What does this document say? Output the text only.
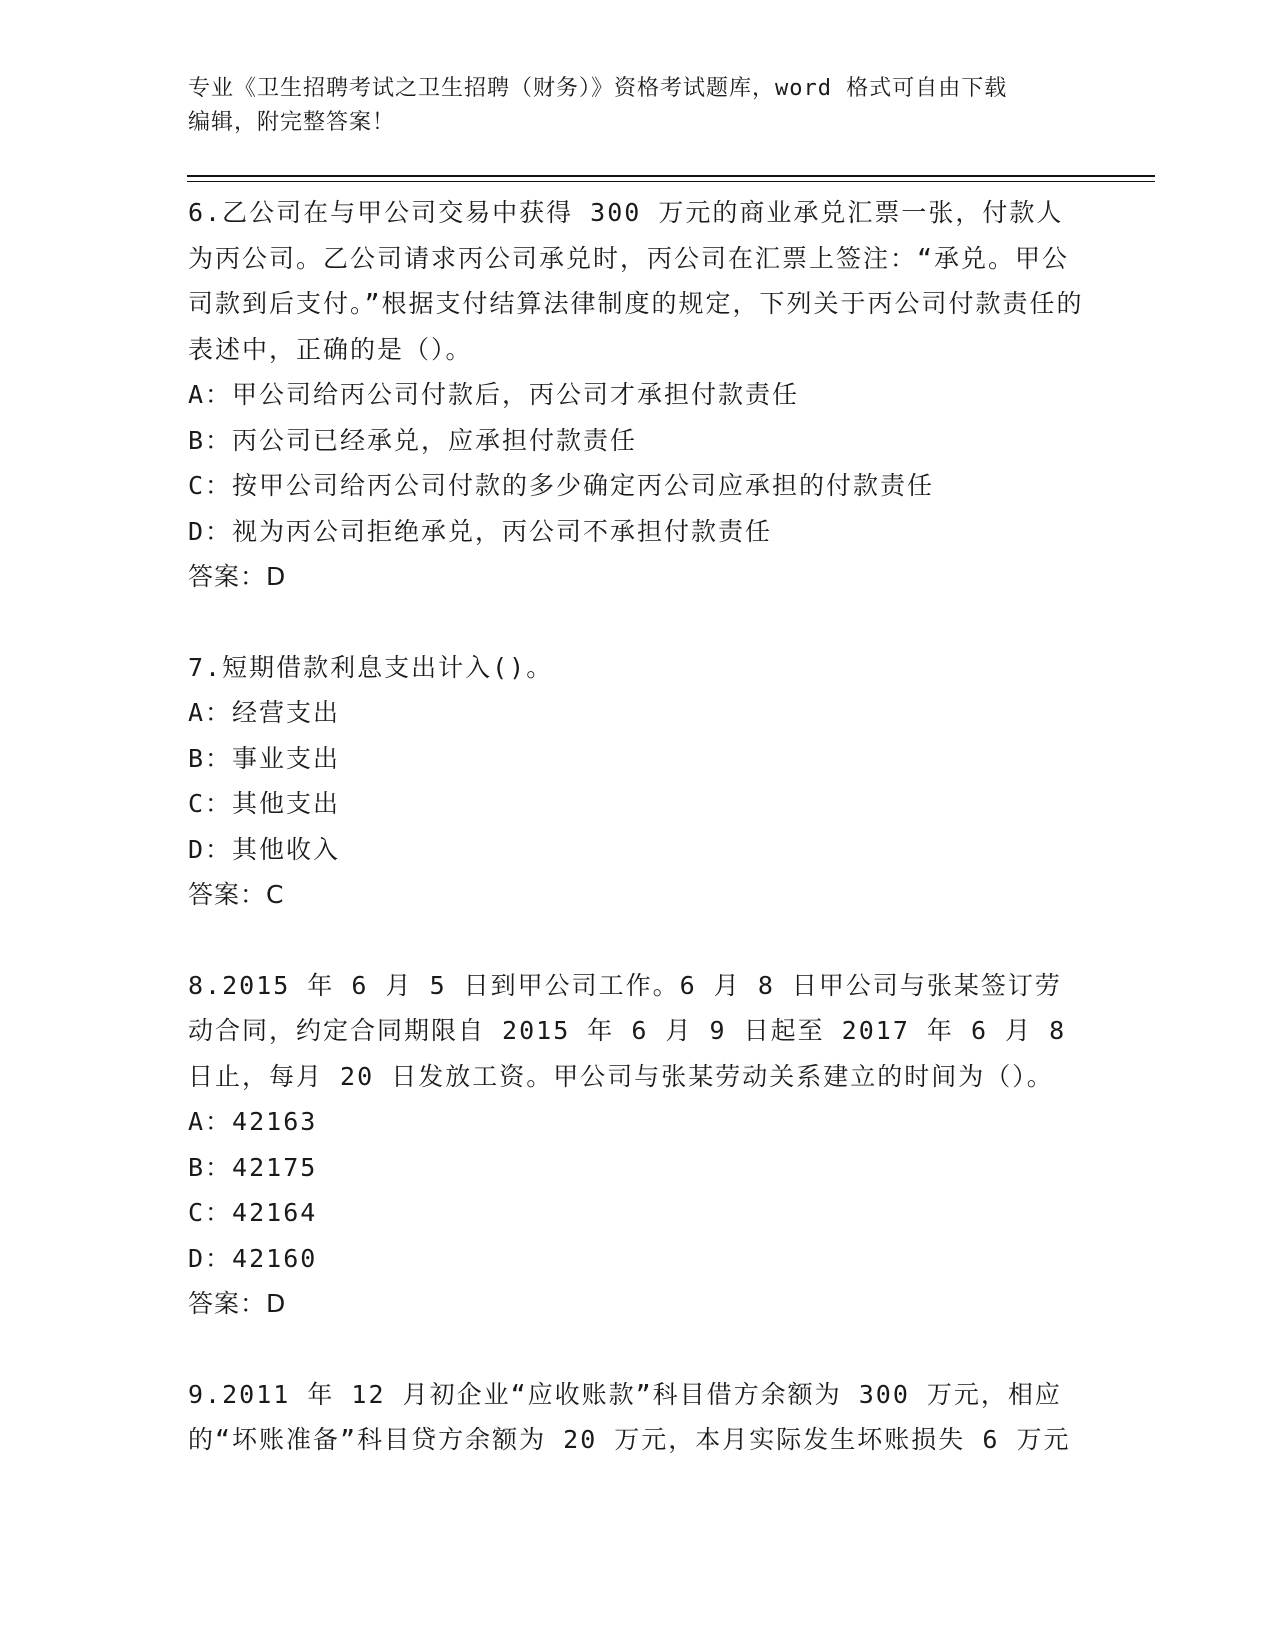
专业《卫生招聘考试之卫生招聘（财务）》资格考试题库，word 格式可自由下载
编辑，附完整答案！

6.乙公司在与甲公司交易中获得 300 万元的商业承兑汇票一张，付款人为丙公司。乙公司请求丙公司承兑时，丙公司在汇票上签注：“承兑。甲公司款到后支付。”根据支付结算法律制度的规定，下列关于丙公司付款责任的表述中，正确的是（）。

A：甲公司给丙公司付款后，丙公司才承担付款责任
B：丙公司已经承兑，应承担付款责任
C：按甲公司给丙公司付款的多少确定丙公司应承担的付款责任
D：视为丙公司拒绝承兑，丙公司不承担付款责任
答案：D

7.短期借款利息支出计入()。

A：经营支出
B：事业支出
C：其他支出
D：其他收入
答案：C

8.2015 年 6 月 5 日到甲公司工作。6 月 8 日甲公司与张某签订劳动合同，约定合同期限自 2015 年 6 月 9 日起至 2017 年 6 月 8 日止，每月 20 日发放工资。甲公司与张某劳动关系建立的时间为（）。

A：42163
B：42175
C：42164
D：42160
答案：D

9.2011 年 12 月初企业“应收账款”科目借方余额为 300 万元，相应的“坏账准备”科目贷方余额为 20 万元，本月实际发生坏账损失 6 万元
